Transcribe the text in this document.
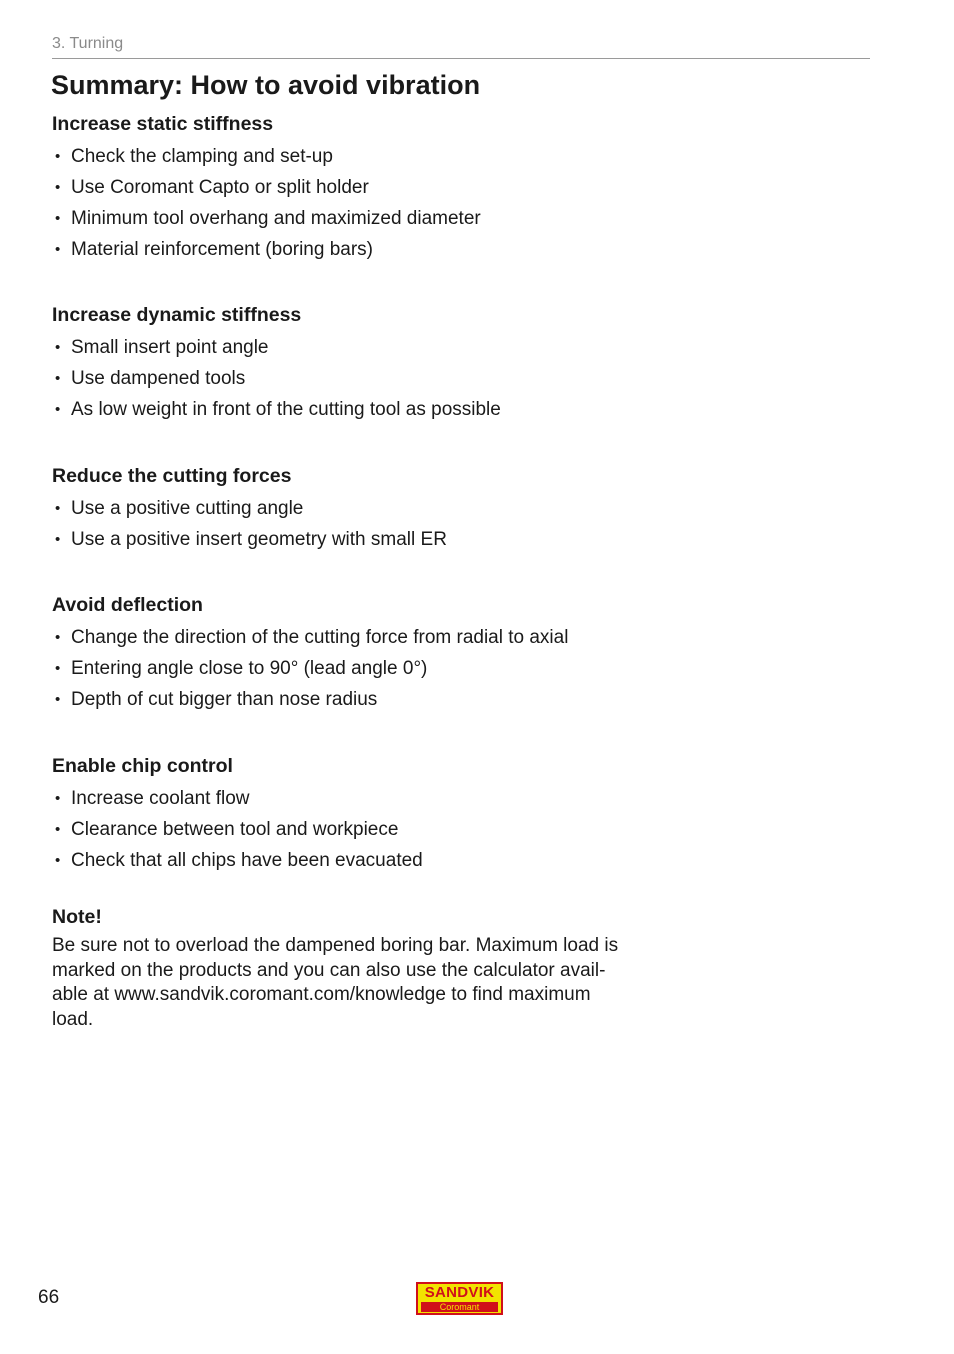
3. Turning
Summary: How to avoid vibration
Increase static stiffness
• Check the clamping and set-up
• Use Coromant Capto or split holder
• Minimum tool overhang and maximized diameter
• Material reinforcement (boring bars)
Increase dynamic stiffness
• Small insert point angle
• Use dampened tools
• As low weight in front of the cutting tool as possible
Reduce the cutting forces
• Use a positive cutting angle
• Use a positive insert geometry with small ER
Avoid deflection
• Change the direction of the cutting force from radial to axial
• Entering angle close to 90° (lead angle 0°)
• Depth of cut bigger than nose radius
Enable chip control
• Increase coolant flow
• Clearance between tool and workpiece
• Check that all chips have been evacuated
Note!

Be sure not to overload the dampened boring bar. Maximum load is
marked on the products and you can also use the calculator avail-
able at www.sandvik.coromant.com/knowledge to find maximum
load.

66	SANDVIK
Coromant
